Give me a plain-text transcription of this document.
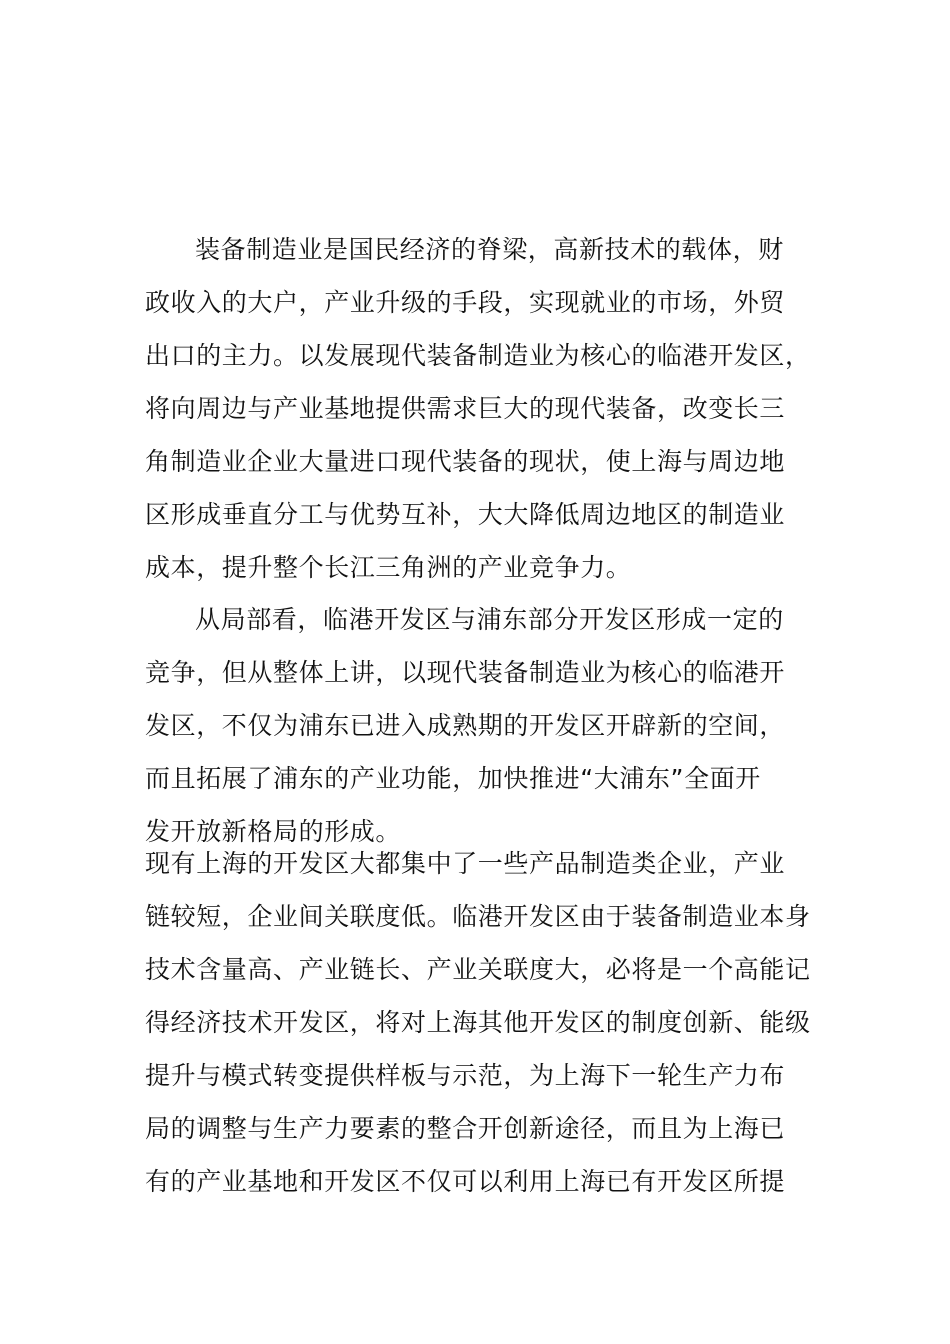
装备制造业是国民经济的脊梁，高新技术的载体，财
政收入的大户，产业升级的手段，实现就业的市场，外贸
出口的主力。以发展现代装备制造业为核心的临港开发区，
将向周边与产业基地提供需求巨大的现代装备，改变长三
角制造业企业大量进口现代装备的现状，使上海与周边地
区形成垂直分工与优势互补，大大降低周边地区的制造业
成本，提升整个长江三角洲的产业竞争力。
从局部看，临港开发区与浦东部分开发区形成一定的
竞争，但从整体上讲，以现代装备制造业为核心的临港开
发区，不仅为浦东已进入成熟期的开发区开辟新的空间，
而且拓展了浦东的产业功能，加快推进“大浦东”全面开
发开放新格局的形成。
现有上海的开发区大都集中了一些产品制造类企业，产业
链较短，企业间关联度低。临港开发区由于装备制造业本身
技术含量高、产业链长、产业关联度大，必将是一个高能记
得经济技术开发区，将对上海其他开发区的制度创新、能级
提升与模式转变提供样板与示范，为上海下一轮生产力布
局的调整与生产力要素的整合开创新途径，而且为上海已
有的产业基地和开发区不仅可以利用上海已有开发区所提
